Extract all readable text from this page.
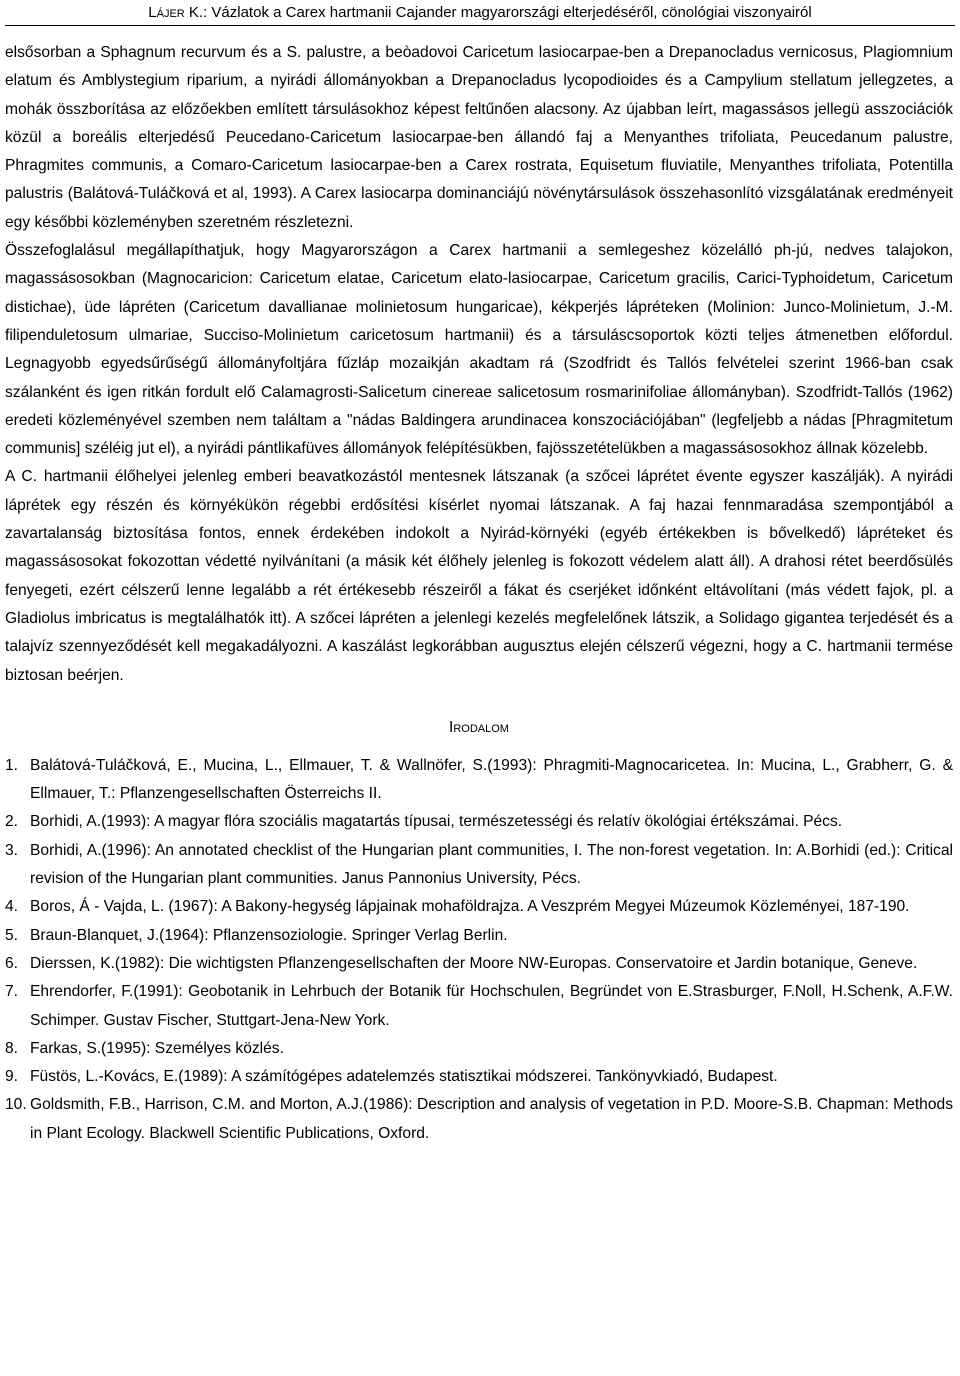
Lájer K.: Vázlatok a Carex hartmanii Cajander magyarországi elterjedéséről, cönológiai viszonyairól

elsősorban a Sphagnum recurvum és a S. palustre, a beòadovoi Caricetum lasiocarpae-ben a Drepanocladus vernicosus, Plagiomnium elatum és Amblystegium riparium, a nyirádi állományokban a Drepanocladus lycopodioides és a Campylium stellatum jellegzetes, a mohák összborítása az előzőekben említett társulásokhoz képest feltűnően alacsony. Az újabban leírt, magassásos jellegü asszociációk közül a boreális elterjedésű Peucedano-Caricetum lasiocarpae-ben állandó faj a Menyanthes trifoliata, Peucedanum palustre, Phragmites communis, a Comaro-Caricetum lasiocarpae-ben a Carex rostrata, Equisetum fluviatile, Menyanthes trifoliata, Potentilla palustris (Balátová-Tuláčková et al, 1993). A Carex lasiocarpa dominanciájú növénytársulások összehasonlító vizsgálatának eredményeit egy későbbi közleményben szeretném részletezni.

Összefoglalásul megállapíthatjuk, hogy Magyarországon a Carex hartmanii a semlegeshez közelálló ph-jú, nedves talajokon, magassásosokban (Magnocaricion: Caricetum elatae, Caricetum elato-lasiocarpae, Caricetum gracilis, Carici-Typhoidetum, Caricetum distichae), üde lápréten (Caricetum davallianae molinietosum hungaricae), kékperjés lápréteken (Molinion: Junco-Molinietum, J.-M. filipenduletosum ulmariae, Succiso-Molinietum caricetosum hartmanii) és a társuláscsoportok közti teljes átmenetben előfordul. Legnagyobb egyedsűrűségű állományfoltjára fűzláp mozaikján akadtam rá (Szodfridt és Tallós felvételei szerint 1966-ban csak szálanként és igen ritkán fordult elő Calamagrosti-Salicetum cinereae salicetosum rosmarinifoliae állományban). Szodfridt-Tallós (1962) eredeti közleményével szemben nem találtam a "nádas Baldingera arundinacea konszociációjában" (legfeljebb a nádas [Phragmitetum communis] széléig jut el), a nyirádi pántlikafüves állományok felépítésükben, fajösszetételükben a magassásosokhoz állnak közelebb.

A C. hartmanii élőhelyei jelenleg emberi beavatkozástól mentesnek látszanak (a szőcei láprétet évente egyszer kaszálják). A nyirádi láprétek egy részén és környékükön régebbi erdősítési kísérlet nyomai látszanak. A faj hazai fennmaradása szempontjából a zavartalanság biztosítása fontos, ennek érdekében indokolt a Nyirád-környéki (egyéb értékekben is bővelkedő) lápréteket és magassásosokat fokozottan védetté nyilvánítani (a másik két élőhely jelenleg is fokozott védelem alatt áll). A drahosi rétet beerdősülés fenyegeti, ezért célszerű lenne legalább a rét értékesebb részeiről a fákat és cserjéket időnként eltávolítani (más védett fajok, pl. a Gladiolus imbricatus is megtalálhatók itt). A szőcei lápréten a jelenlegi kezelés megfelelőnek látszik, a Solidago gigantea terjedését és a talajvíz szennyeződését kell megakadályozni. A kaszálást legkorábban augusztus elején célszerű végezni, hogy a C. hartmanii termése biztosan beérjen.

Irodalom
1. Balátová-Tuláčková, E., Mucina, L., Ellmauer, T. & Wallnöfer, S.(1993): Phragmiti-Magnocaricetea. In: Mucina, L., Grabherr, G. & Ellmauer, T.: Pflanzengesellschaften Österreichs II.
2. Borhidi, A.(1993): A magyar flóra szociális magatartás típusai, természetességi és relatív ökológiai értékszámai. Pécs.
3. Borhidi, A.(1996): An annotated checklist of the Hungarian plant communities, I. The non-forest vegetation. In: A.Borhidi (ed.): Critical revision of the Hungarian plant communities. Janus Pannonius University, Pécs.
4. Boros, Á - Vajda, L. (1967): A Bakony-hegység lápjainak mohaföldrajza. A Veszprém Megyei Múzeumok Közleményei, 187-190.
5. Braun-Blanquet, J.(1964): Pflanzensoziologie. Springer Verlag Berlin.
6. Dierssen, K.(1982): Die wichtigsten Pflanzengesellschaften der Moore NW-Europas. Conservatoire et Jardin botanique, Geneve.
7. Ehrendorfer, F.(1991): Geobotanik in Lehrbuch der Botanik für Hochschulen, Begründet von E.Strasburger, F.Noll, H.Schenk, A.F.W. Schimper. Gustav Fischer, Stuttgart-Jena-New York.
8. Farkas, S.(1995): Személyes közlés.
9. Füstös, L.-Kovács, E.(1989): A számítógépes adatelemzés statisztikai módszerei. Tankönyvkiadó, Budapest.
10. Goldsmith, F.B., Harrison, C.M. and Morton, A.J.(1986): Description and analysis of vegetation in P.D. Moore-S.B. Chapman: Methods in Plant Ecology. Blackwell Scientific Publications, Oxford.
